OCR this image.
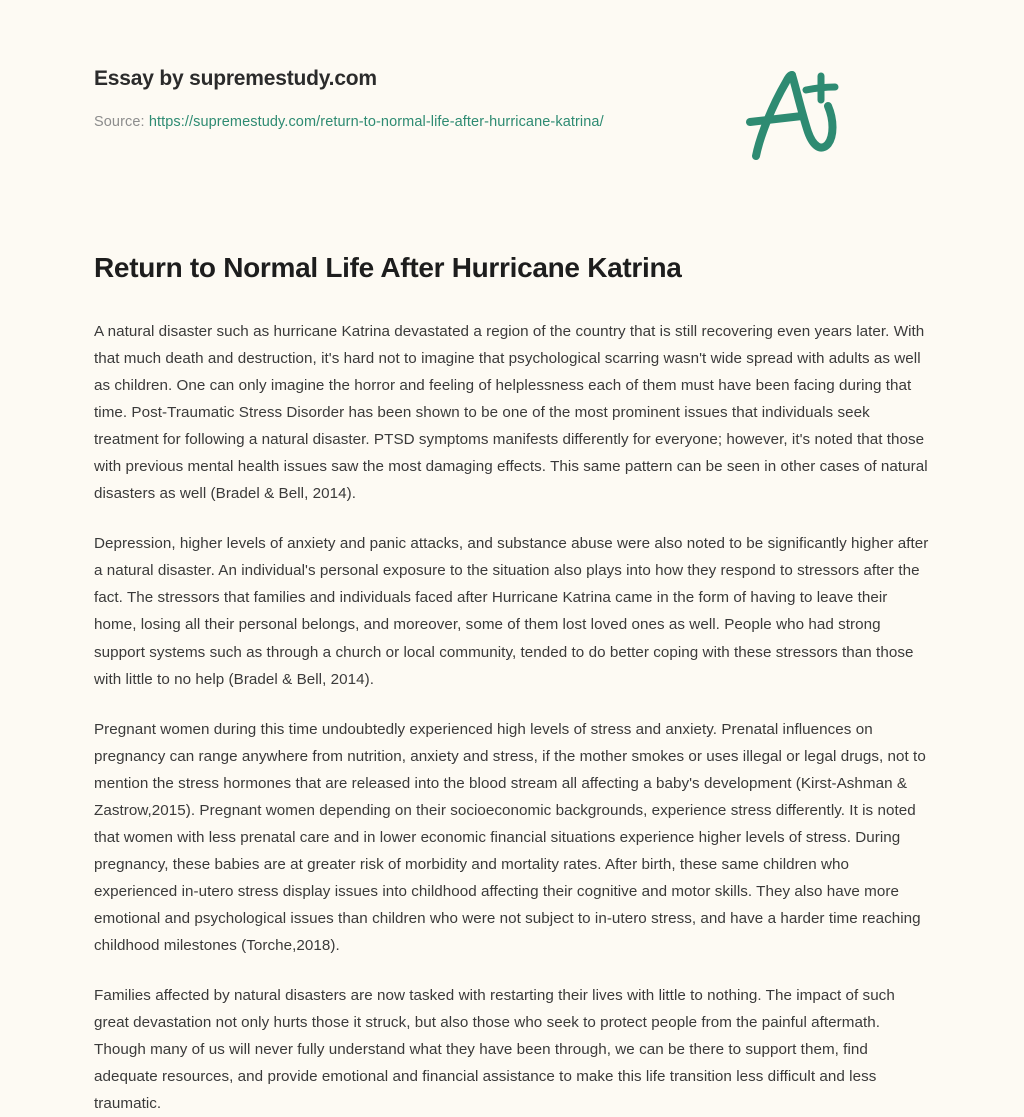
Essay by supremestudy.com
Source: https://supremestudy.com/return-to-normal-life-after-hurricane-katrina/
Return to Normal Life After Hurricane Katrina

A natural disaster such as hurricane Katrina devastated a region of the country that is still recovering even years later. With that much death and destruction, it's hard not to imagine that psychological scarring wasn't wide spread with adults as well as children. One can only imagine the horror and feeling of helplessness each of them must have been facing during that time. Post-Traumatic Stress Disorder has been shown to be one of the most prominent issues that individuals seek treatment for following a natural disaster. PTSD symptoms manifests differently for everyone; however, it's noted that those with previous mental health issues saw the most damaging effects. This same pattern can be seen in other cases of natural disasters as well (Bradel & Bell, 2014).

Depression, higher levels of anxiety and panic attacks, and substance abuse were also noted to be significantly higher after a natural disaster. An individual's personal exposure to the situation also plays into how they respond to stressors after the fact. The stressors that families and individuals faced after Hurricane Katrina came in the form of having to leave their home, losing all their personal belongs, and moreover, some of them lost loved ones as well. People who had strong support systems such as through a church or local community, tended to do better coping with these stressors than those with little to no help (Bradel & Bell, 2014).

Pregnant women during this time undoubtedly experienced high levels of stress and anxiety. Prenatal influences on pregnancy can range anywhere from nutrition, anxiety and stress, if the mother smokes or uses illegal or legal drugs, not to mention the stress hormones that are released into the blood stream all affecting a baby's development (Kirst-Ashman & Zastrow,2015). Pregnant women depending on their socioeconomic backgrounds, experience stress differently. It is noted that women with less prenatal care and in lower economic financial situations experience higher levels of stress. During pregnancy, these babies are at greater risk of morbidity and mortality rates. After birth, these same children who experienced in-utero stress display issues into childhood affecting their cognitive and motor skills. They also have more emotional and psychological issues than children who were not subject to in-utero stress, and have a harder time reaching childhood milestones (Torche,2018).

Families affected by natural disasters are now tasked with restarting their lives with little to nothing. The impact of such great devastation not only hurts those it struck, but also those who seek to protect people from the painful aftermath. Though many of us will never fully understand what they have been through, we can be there to support them, find adequate resources, and provide emotional and financial assistance to make this life transition less difficult and less traumatic.
